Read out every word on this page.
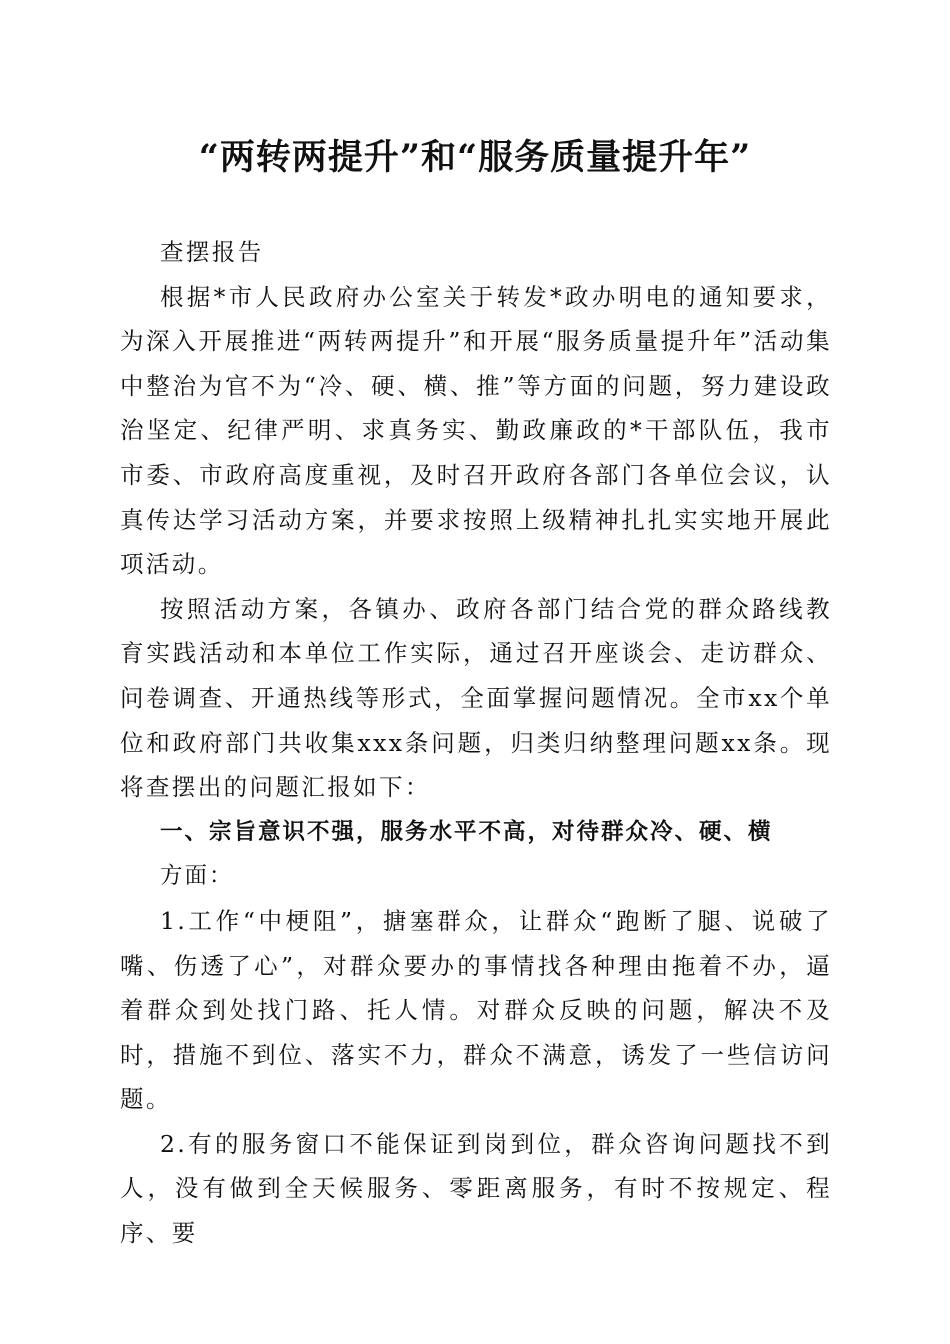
“两转两提升”和“服务质量提升年”

查摆报告

根据*市人民政府办公室关于转发*政办明电的通知要求，为深入开展推进“两转两提升”和开展“服务质量提升年”活动集中整治为官不为“冷、硬、横、推”等方面的问题，努力建设政治坚定、纪律严明、求真务实、勤政廉政的*干部队伍，我市市委、市政府高度重视，及时召开政府各部门各单位会议，认真传达学习活动方案，并要求按照上级精神扎扎实实地开展此项活动。

按照活动方案，各镇办、政府各部门结合党的群众路线教育实践活动和本单位工作实际，通过召开座谈会、走访群众、问卷调查、开通热线等形式，全面掌握问题情况。全市xx个单位和政府部门共收集xxx条问题，归类归纳整理问题xx条。现将查摆出的问题汇报如下：

一、宗旨意识不强，服务水平不高，对待群众冷、硬、横

方面：

1.工作“中梗阻”，搪塞群众，让群众“跑断了腿、说破了嘴、伤透了心”，对群众要办的事情找各种理由拖着不办，逼着群众到处找门路、托人情。对群众反映的问题，解决不及时，措施不到位、落实不力，群众不满意，诱发了一些信访问题。

2.有的服务窗口不能保证到岗到位，群众咨询问题找不到人，没有做到全天候服务、零距离服务，有时不按规定、程序、要
